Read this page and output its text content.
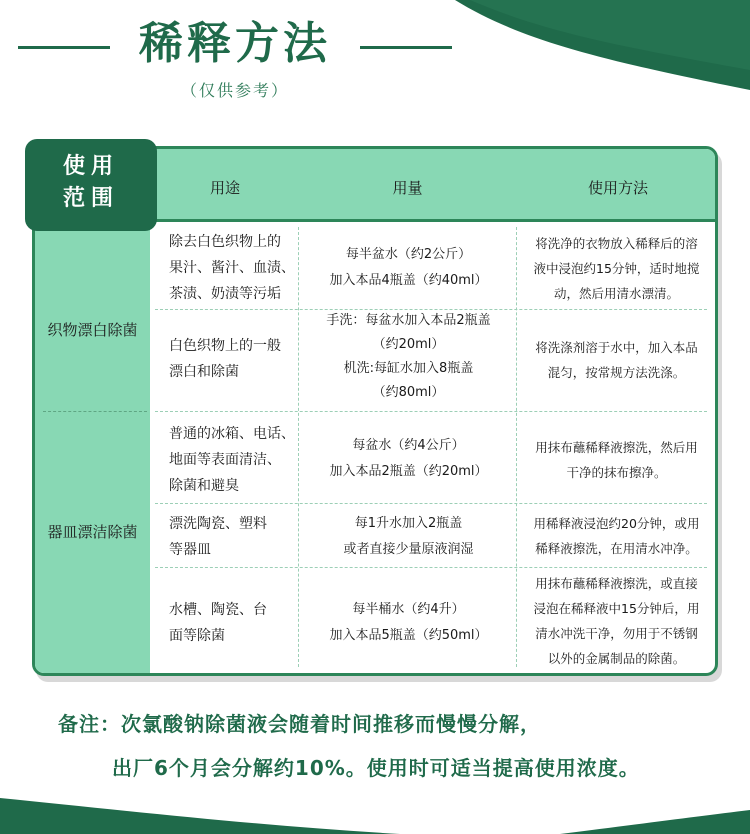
稀释方法
（仅供参考）
用途	用量	使用方法
使用
范围
织物漂白除菌
器皿漂洁除菌
除去白色织物上的
果汁、酱汁、血渍、
茶渍、奶渍等污垢
每半盆水（约2公斤）
加入本品4瓶盖（约40ml）
将洗净的衣物放入稀释后的溶
液中浸泡约15分钟，适时地搅
动，然后用清水漂清。
白色织物上的一般
漂白和除菌
手洗：每盆水加入本品2瓶盖
（约20ml）
机洗:每缸水加入8瓶盖
（约80ml）
将洗涤剂溶于水中，加入本品
混匀，按常规方法洗涤。
普通的冰箱、电话、
地面等表面清洁、
除菌和避臭
每盆水（约4公斤）
加入本品2瓶盖（约20ml）
用抹布蘸稀释液擦洗，然后用
干净的抹布擦净。
漂洗陶瓷、塑料
等器皿
每1升水加入2瓶盖
或者直接少量原液润湿
用稀释液浸泡约20分钟，或用
稀释液擦洗，在用清水冲净。
水槽、陶瓷、台
面等除菌
每半桶水（约4升）
加入本品5瓶盖（约50ml）
用抹布蘸稀释液擦洗，或直接
浸泡在稀释液中15分钟后，用
清水冲洗干净，勿用于不锈钢
以外的金属制品的除菌。
备注：次氯酸钠除菌液会随着时间推移而慢慢分解，
出厂6个月会分解约10%。使用时可适当提高使用浓度。
